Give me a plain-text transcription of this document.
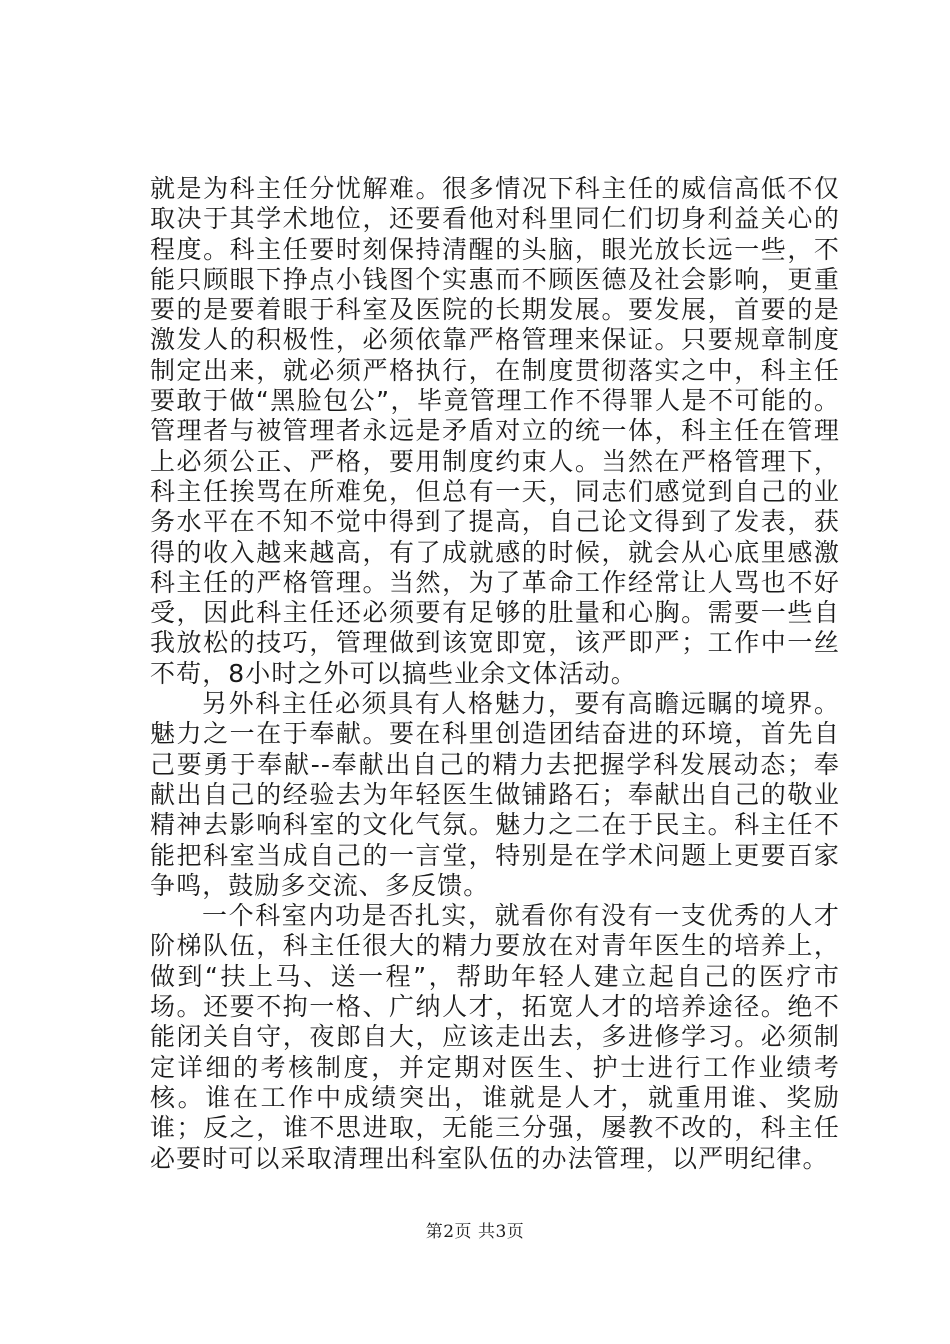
就是为科主任分忧解难。很多情况下科主任的威信高低不仅取决于其学术地位，还要看他对科里同仁们切身利益关心的程度。科主任要时刻保持清醒的头脑，眼光放长远一些，不能只顾眼下挣点小钱图个实惠而不顾医德及社会影响，更重要的是要着眼于科室及医院的长期发展。要发展，首要的是激发人的积极性，必须依靠严格管理来保证。只要规章制度制定出来，就必须严格执行，在制度贯彻落实之中，科主任要敢于做“黑脸包公”，毕竟管理工作不得罪人是不可能的。管理者与被管理者永远是矛盾对立的统一体，科主任在管理上必须公正、严格，要用制度约束人。当然在严格管理下，科主任挨骂在所难免，但总有一天，同志们感觉到自己的业务水平在不知不觉中得到了提高，自己论文得到了发表，获得的收入越来越高，有了成就感的时候，就会从心底里感激科主任的严格管理。当然，为了革命工作经常让人骂也不好受，因此科主任还必须要有足够的肚量和心胸。需要一些自我放松的技巧，管理做到该宽即宽，该严即严；工作中一丝不苟，8小时之外可以搞些业余文体活动。

另外科主任必须具有人格魅力，要有高瞻远瞩的境界。魅力之一在于奉献。要在科里创造团结奋进的环境，首先自己要勇于奉献--奉献出自己的精力去把握学科发展动态；奉献出自己的经验去为年轻医生做铺路石；奉献出自己的敬业精神去影响科室的文化气氛。魅力之二在于民主。科主任不能把科室当成自己的一言堂，特别是在学术问题上更要百家争鸣，鼓励多交流、多反馈。

一个科室内功是否扎实，就看你有没有一支优秀的人才阶梯队伍，科主任很大的精力要放在对青年医生的培养上，做到“扶上马、送一程”，帮助年轻人建立起自己的医疗市场。还要不拘一格、广纳人才，拓宽人才的培养途径。绝不能闭关自守，夜郎自大，应该走出去，多进修学习。必须制定详细的考核制度，并定期对医生、护士进行工作业绩考核。谁在工作中成绩突出，谁就是人才，就重用谁、奖励谁；反之，谁不思进取，无能三分强，屡教不改的，科主任必要时可以采取清理出科室队伍的办法管理，以严明纪律。

第2页 共3页
